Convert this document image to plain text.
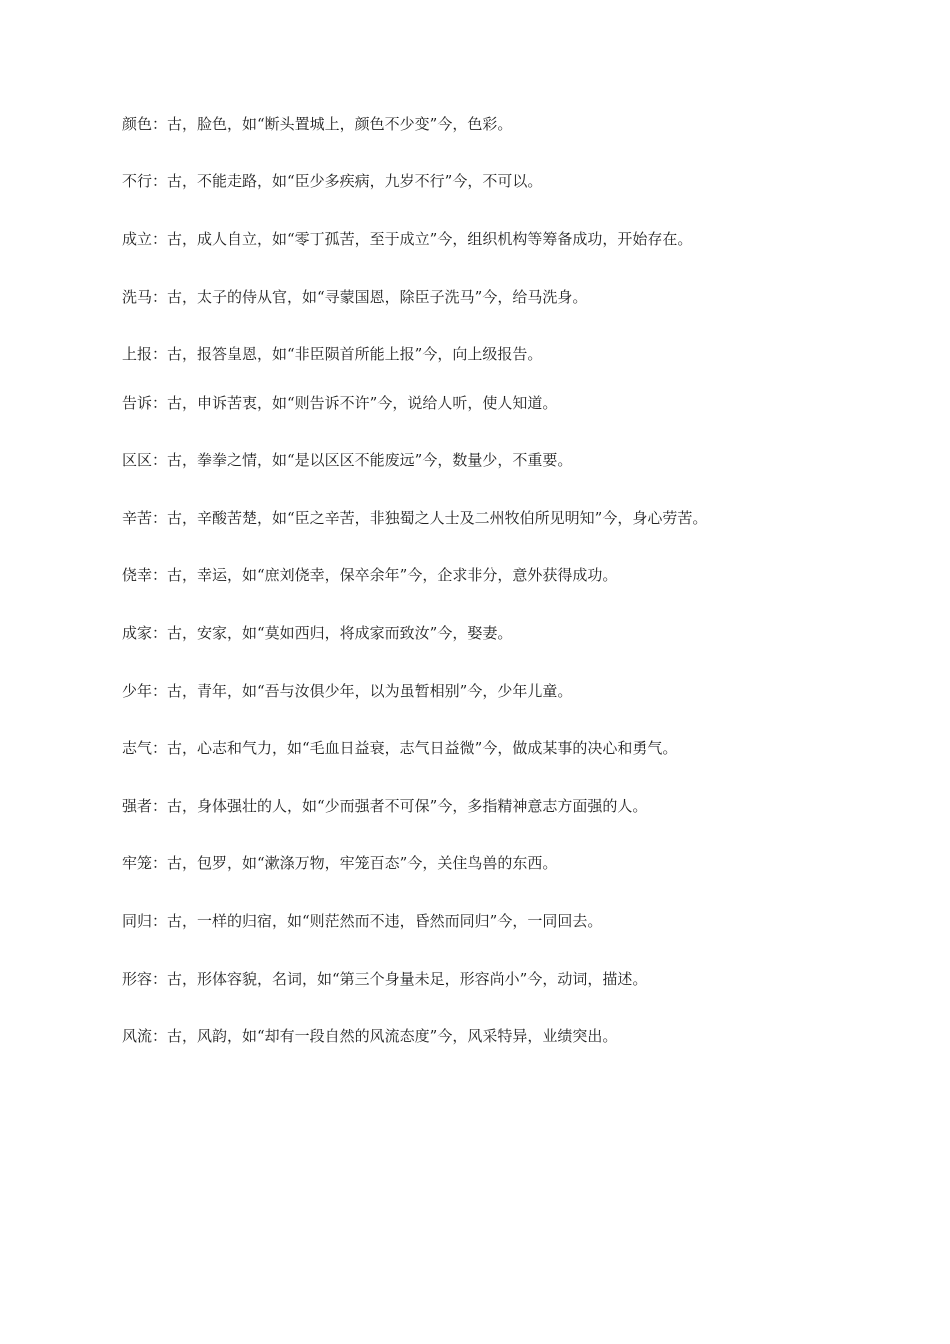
颜色：古，脸色，如“断头置城上，颜色不少变”今，色彩。

不行：古，不能走路，如“臣少多疾病，九岁不行”今，不可以。

成立：古，成人自立，如“零丁孤苦，至于成立”今，组织机构等筹备成功，开始存在。

洗马：古，太子的侍从官，如“寻蒙国恩，除臣子洗马”今，给马洗身。

上报：古，报答皇恩，如“非臣陨首所能上报”今，向上级报告。

告诉：古，申诉苦衷，如“则告诉不许”今，说给人听，使人知道。

区区：古，拳拳之情，如“是以区区不能废远”今，数量少，不重要。

辛苦：古，辛酸苦楚，如“臣之辛苦，非独蜀之人士及二州牧伯所见明知”今，身心劳苦。

侥幸：古，幸运，如“庶刘侥幸，保卒余年”今，企求非分，意外获得成功。

成家：古，安家，如“莫如西归，将成家而致汝”今，娶妻。

少年：古，青年，如“吾与汝俱少年，以为虽暂相别”今，少年儿童。

志气：古，心志和气力，如“毛血日益衰，志气日益微”今，做成某事的决心和勇气。

强者：古，身体强壮的人，如“少而强者不可保”今，多指精神意志方面强的人。

牢笼：古，包罗，如“漱涤万物，牢笼百态”今，关住鸟兽的东西。

同归：古，一样的归宿，如“则茫然而不违，昏然而同归”今，一同回去。

形容：古，形体容貌，名词，如“第三个身量未足，形容尚小”今，动词，描述。

风流：古，风韵，如“却有一段自然的风流态度”今，风采特异，业绩突出。
